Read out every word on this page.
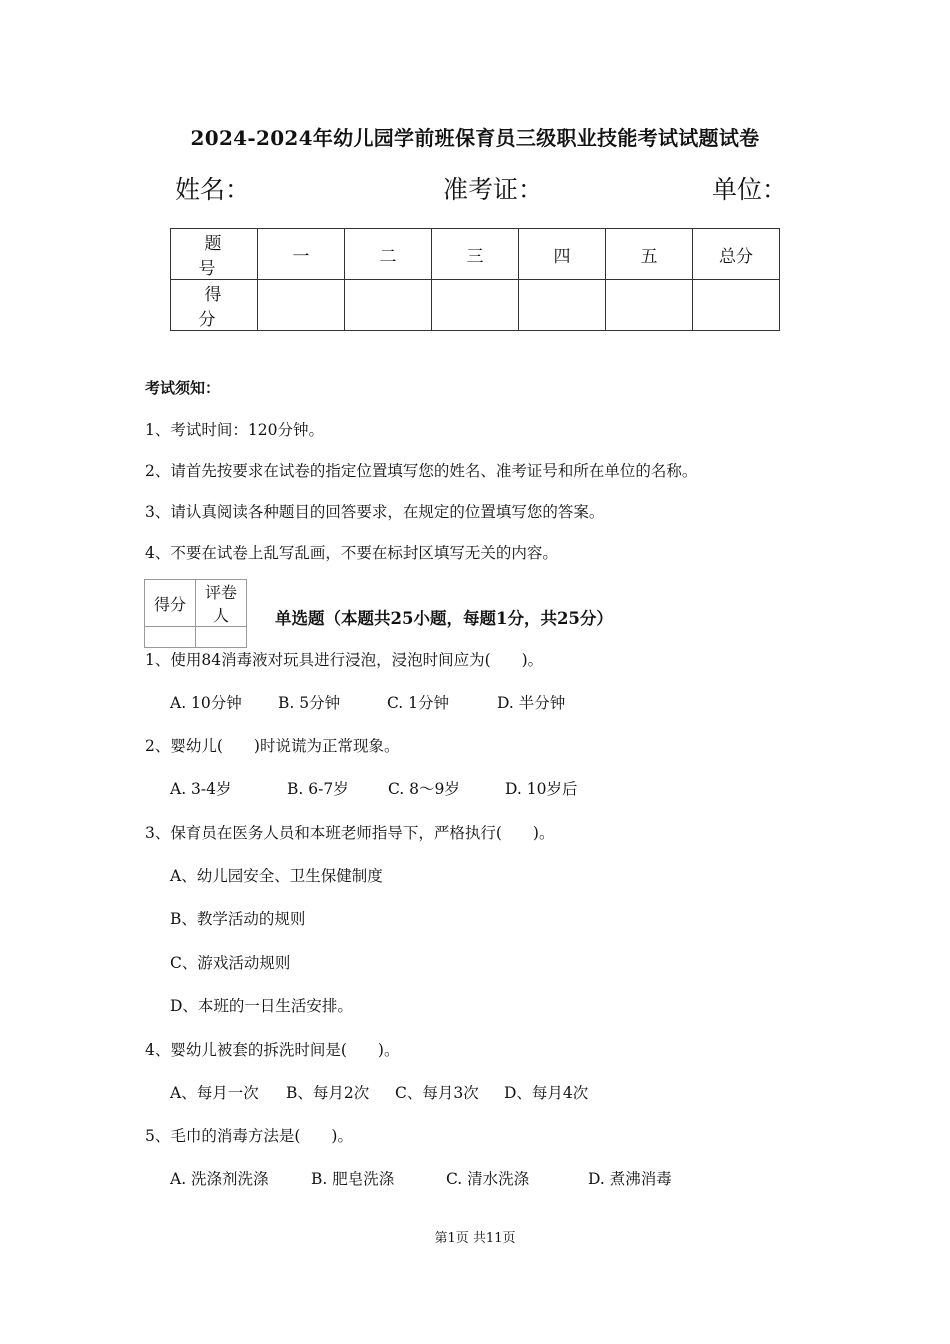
2024-2024年幼儿园学前班保育员三级职业技能考试试题试卷
姓名：	准考证：	单位：
题　号	一	二	三	四	五	总分
得　分						
考试须知：
1、考试时间：120分钟。
2、请首先按要求在试卷的指定位置填写您的姓名、准考证号和所在单位的名称。
3、请认真阅读各种题目的回答要求，在规定的位置填写您的答案。
4、不要在试卷上乱写乱画，不要在标封区填写无关的内容。
得分	评卷人
		单选题（本题共25小题，每题1分，共25分）
1、使用84消毒液对玩具进行浸泡，浸泡时间应为(　　)。
A. 10分钟 B. 5分钟	C. 1分钟	D. 半分钟
2、婴幼儿(　　)时说谎为正常现象。
A. 3-4岁	B. 6-7岁	C. 8～9岁	D. 10岁后
3、保育员在医务人员和本班老师指导下，严格执行(　　)。
A、幼儿园安全、卫生保健制度
B、教学活动的规则
C、游戏活动规则
D、本班的一日生活安排。
4、婴幼儿被套的拆洗时间是(　　)。
A、每月一次 B、每月2次 C、每月3次 D、每月4次
5、毛巾的消毒方法是(　　)。
A. 洗涤剂洗涤	B. 肥皂洗涤	C. 清水洗涤	D. 煮沸消毒
第1页 共11页
